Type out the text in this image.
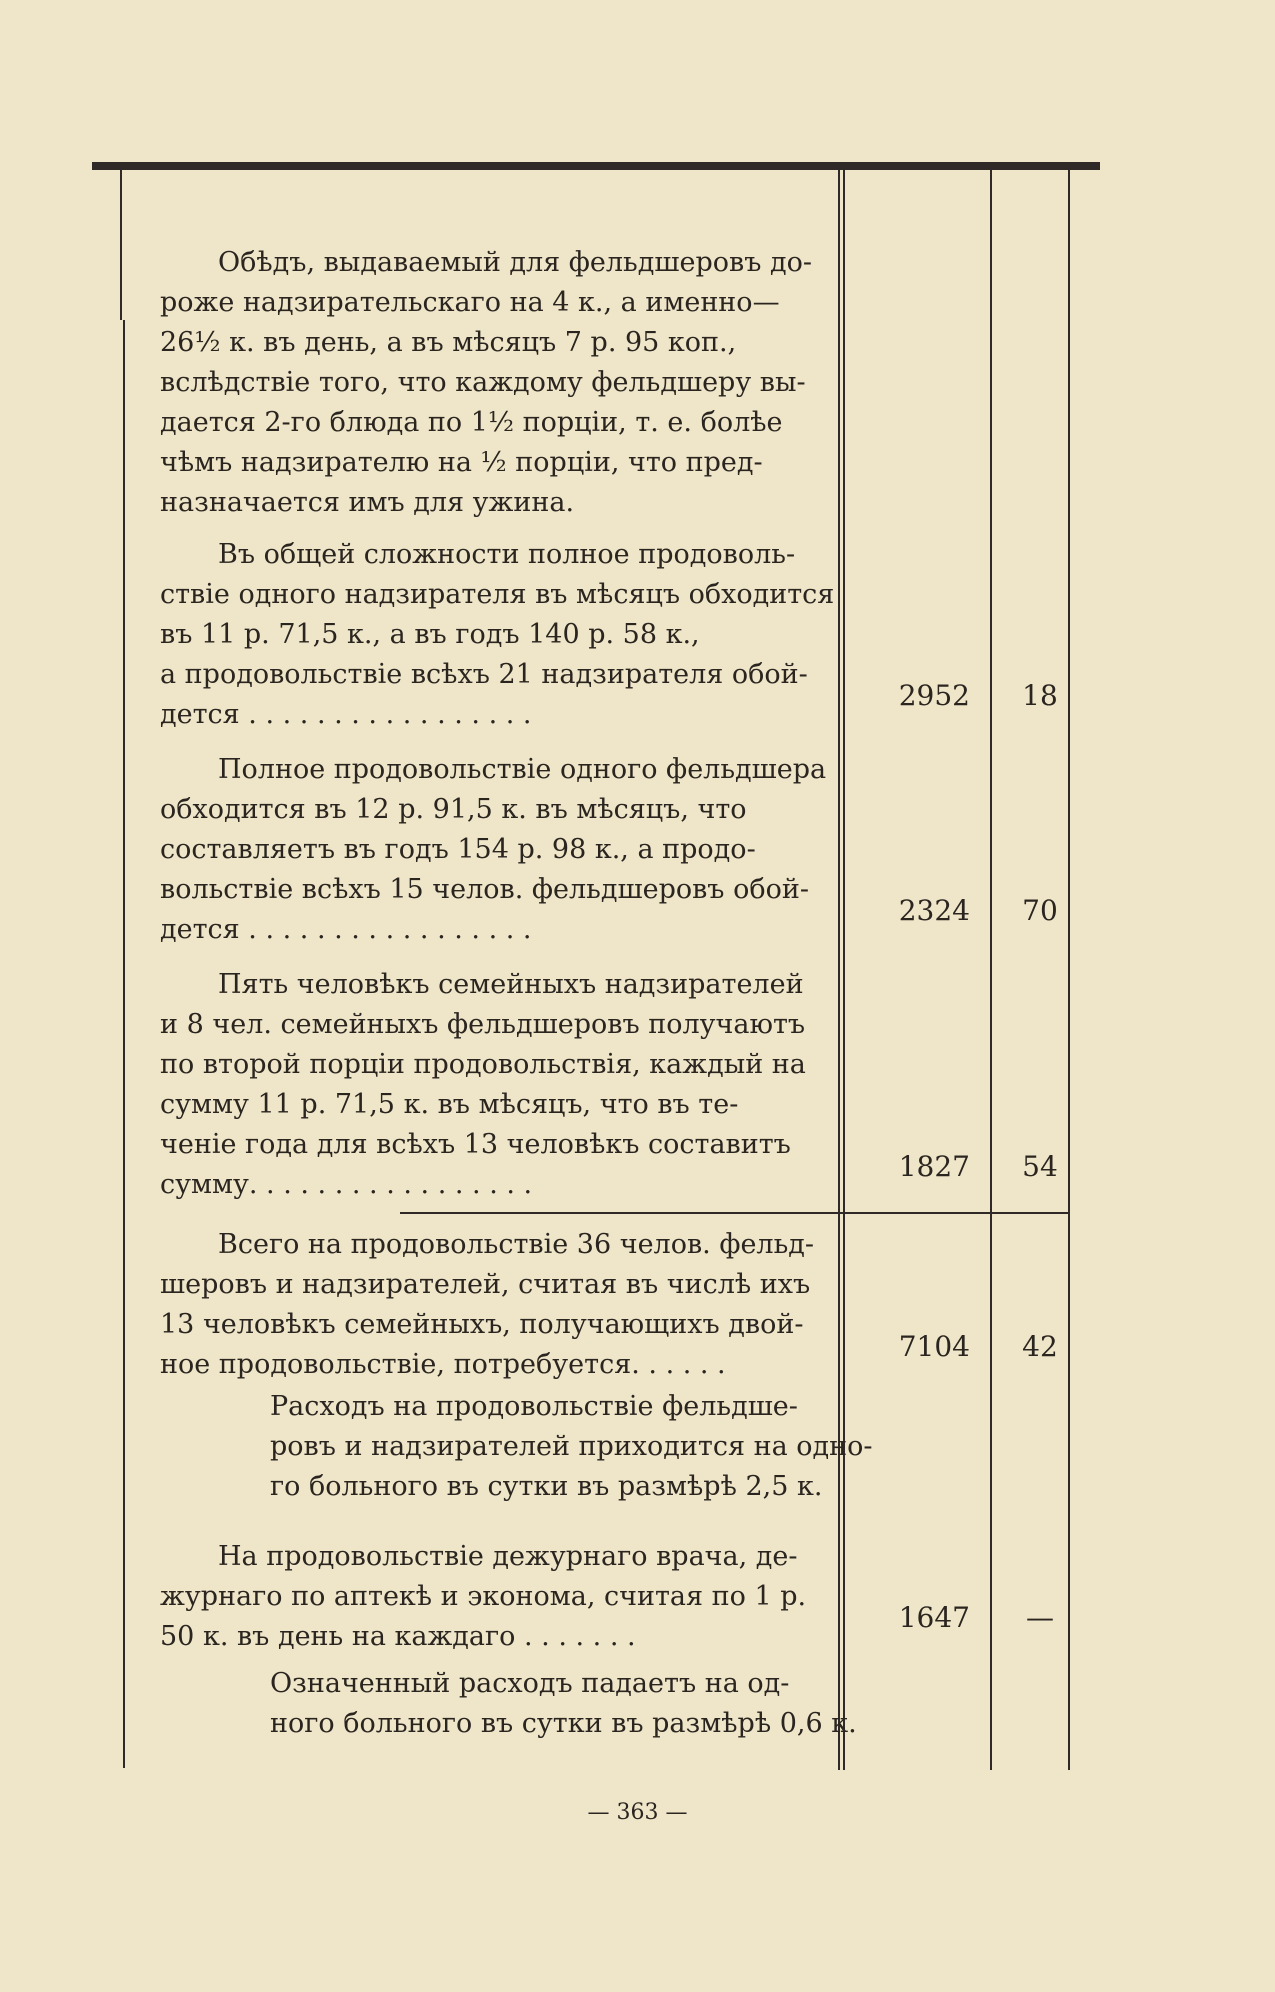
Обѣдъ, выдаваемый для фельдшеровъ до-
роже надзирательскаго на 4 к., а именно—
26½ к. въ день, а въ мѣсяцъ 7 р. 95 коп.,
вслѣдствіе того, что каждому фельдшеру вы-
дается 2-го блюда по 1½ порціи, т. е. болѣе
чѣмъ надзирателю на ½ порціи, что пред-
назначается имъ для ужина.
Въ общей сложности полное продоволь-
ствіе одного надзирателя въ мѣсяцъ обходится
въ 11 р. 71,5 к., а въ годъ 140 р. 58 к.,
а продовольствіе всѣхъ 21 надзирателя обой-
дется . . . . . . . . . . . . . . . . .
2952	18
Полное продовольствіе одного фельдшера
обходится въ 12 р. 91,5 к. въ мѣсяцъ, что
составляетъ въ годъ 154 р. 98 к., а продо-
вольствіе всѣхъ 15 челов. фельдшеровъ обой-
дется . . . . . . . . . . . . . . . . .
2324	70
Пять человѣкъ семейныхъ надзирателей
и 8 чел. семейныхъ фельдшеровъ получаютъ
по второй порціи продовольствія, каждый на
сумму 11 р. 71,5 к. въ мѣсяцъ, что въ те-
ченіе года для всѣхъ 13 человѣкъ составитъ
сумму. . . . . . . . . . . . . . . . .
1827	54
Всего на продовольствіе 36 челов. фельд-
шеровъ и надзирателей, считая въ числѣ ихъ
13 человѣкъ семейныхъ, получающихъ двой-
ное продовольствіе, потребуется. . . . . .
7104	42
Расходъ на продовольствіе фельдше-
ровъ и надзирателей приходится на одно-
го больного въ сутки въ размѣрѣ 2,5 к.
На продовольствіе дежурнаго врача, де-
журнаго по аптекѣ и эконома, считая по 1 р.
50 к. въ день на каждаго . . . . . . .
1647	—
Означенный расходъ падаетъ на од-
ного больного въ сутки въ размѣрѣ 0,6 к.
— 363 —
